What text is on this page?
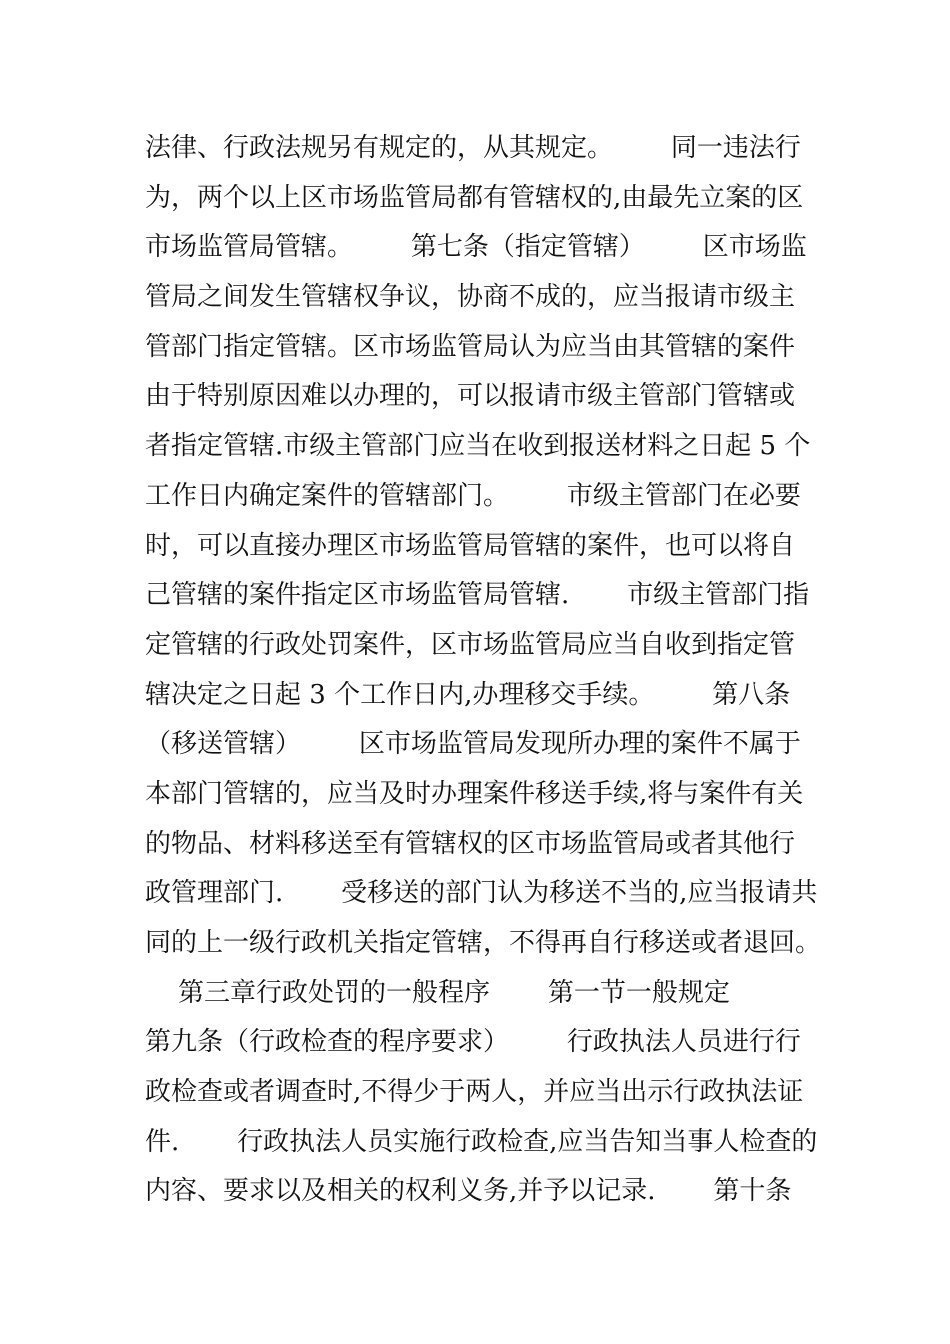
法律、行政法规另有规定的，从其规定。       同一违法行
为，两个以上区市场监管局都有管辖权的,由最先立案的区
市场监管局管辖。       第七条（指定管辖）       区市场监
管局之间发生管辖权争议，协商不成的，应当报请市级主
管部门指定管辖。区市场监管局认为应当由其管辖的案件
由于特别原因难以办理的，可以报请市级主管部门管辖或
者指定管辖.市级主管部门应当在收到报送材料之日起 5 个
工作日内确定案件的管辖部门。       市级主管部门在必要
时，可以直接办理区市场监管局管辖的案件，也可以将自
己管辖的案件指定区市场监管局管辖.       市级主管部门指
定管辖的行政处罚案件，区市场监管局应当自收到指定管
辖决定之日起 3 个工作日内,办理移交手续。       第八条
（移送管辖）       区市场监管局发现所办理的案件不属于
本部门管辖的，应当及时办理案件移送手续,将与案件有关
的物品、材料移送至有管辖权的区市场监管局或者其他行
政管理部门.       受移送的部门认为移送不当的,应当报请共
同的上一级行政机关指定管辖，不得再自行移送或者退回。
第三章行政处罚的一般程序       第一节一般规定
第九条（行政检查的程序要求）       行政执法人员进行行
政检查或者调查时,不得少于两人，并应当出示行政执法证
件.       行政执法人员实施行政检查,应当告知当事人检查的
内容、要求以及相关的权利义务,并予以记录.       第十条
